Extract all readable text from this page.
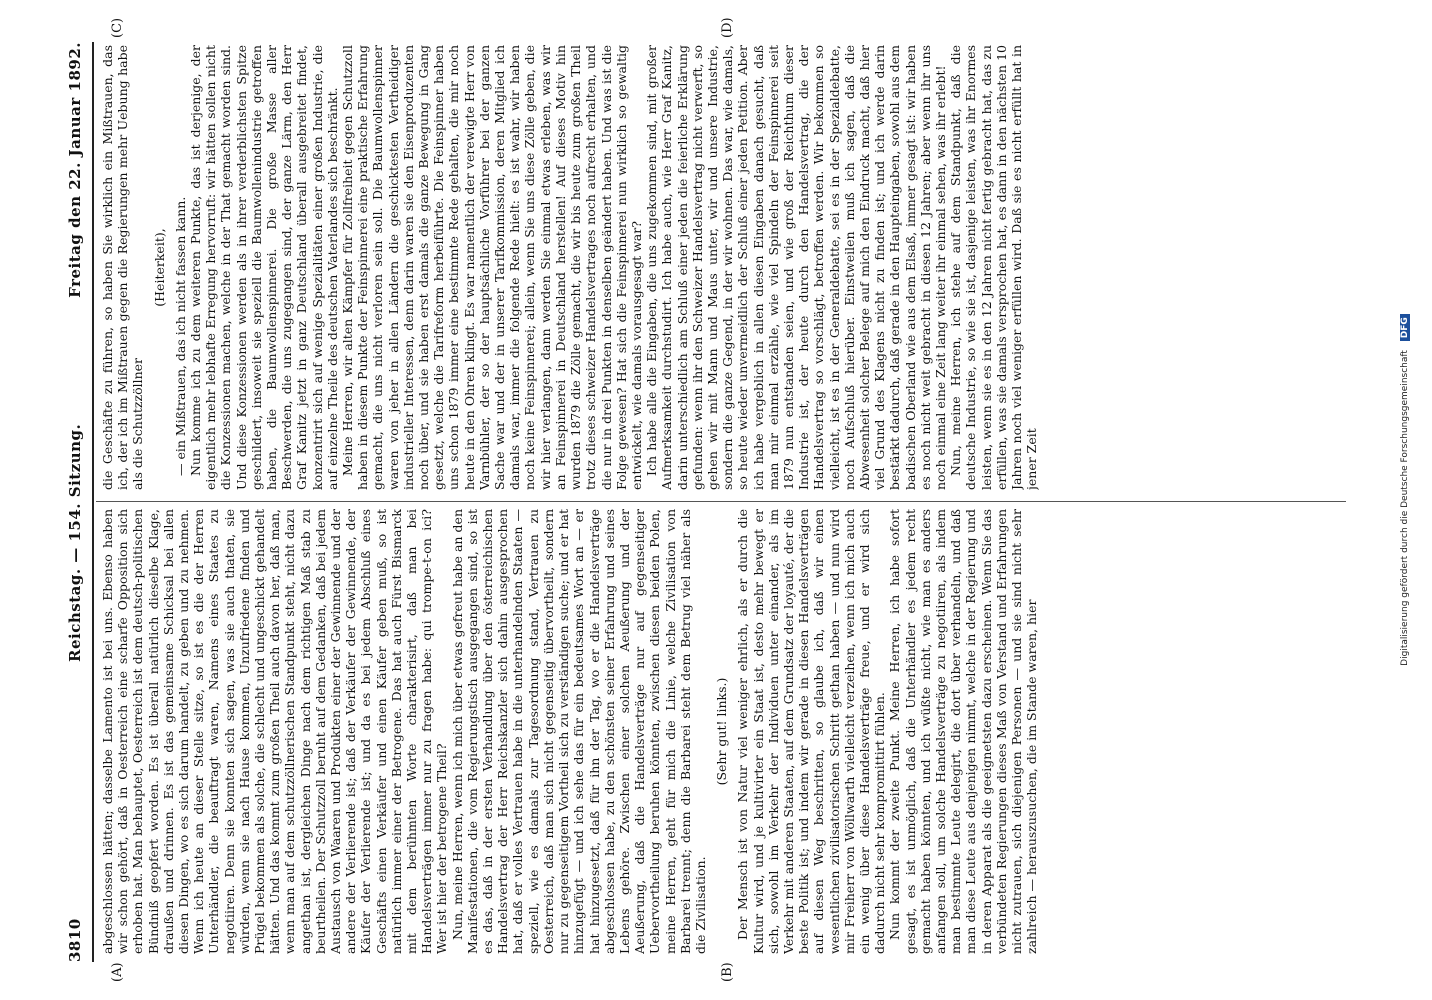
3810
Reichstag. — 154. Sitzung.
Freitag den 22. Januar 1892.
(A)	(B)
(C)	(D)

abgeschlossen hätten; dasselbe Lamento ist bei uns. Ebenso haben wir schon gehört, daß in Oesterreich eine scharfe Opposition sich erhoben hat. Man behauptet, Oesterreich ist dem deutsch-politischen Bündniß geopfert worden. Es ist überall natürlich dieselbe Klage, draußen und drinnen. Es ist das gemeinsame Schicksal bei allen diesen Dingen, wo es sich darum handelt, zu geben und zu nehmen. Wenn ich heute an dieser Stelle sitze, so ist es die der Herren Unterhändler, die beauftragt waren, Namens eines Staates zu negotiiren. Denn sie konnten sich sagen, was sie auch thaten, sie würden, wenn sie nach Hause kommen, Unzufriedene finden und Prügel bekommen als solche, die schlecht und ungeschickt gehandelt hätten. Und das kommt zum großen Theil auch davon her, daß man, wenn man auf dem schutzzöllnerischen Standpunkt steht, nicht dazu angethan ist, dergleichen Dinge nach dem richtigen Maß stab zu beurtheilen. Der Schutzzoll beruht auf dem Gedanken, daß bei jedem Austausch von Waaren und Produkten einer der Gewinnende und der andere der Verlierende ist; daß der Verkäufer der Gewinnende, der Käufer der Verlierende ist; und da es bei jedem Abschluß eines Geschäfts einen Verkäufer und einen Käufer geben muß, so ist natürlich immer einer der Betrogene. Das hat auch Fürst Bismarck mit dem berühmten Worte charakterisirt, daß man bei Handelsverträgen immer nur zu fragen habe: qui trompe-t-on ici? Wer ist hier der betrogene Theil? Nun, meine Herren, wenn ich mich über etwas gefreut habe an den Manifestationen, die vom Regierungstisch ausgegangen sind, so ist es das, daß in der ersten Verhandlung über den österreichischen Handelsvertrag der Herr Reichskanzler sich dahin ausgesprochen hat, daß er volles Vertrauen habe in die unterhandelnden Staaten — speziell, wie es damals zur Tagesordnung stand, Vertrauen zu Oesterreich, daß man sich nicht gegenseitig übervortheilt, sondern nur zu gegenseitigem Vortheil sich zu verständigen suche; und er hat hinzugefügt — und ich sehe das für ein bedeutsames Wort an — er hat hinzugesetzt, daß für ihn der Tag, wo er die Handelsverträge abgeschlossen habe, zu den schönsten seiner Erfahrung und seines Lebens gehöre. Zwischen einer solchen Aeußerung und der Aeußerung, daß die Handelsverträge nur auf gegenseitiger Uebervortheilung beruhen könnten, zwischen diesen beiden Polen, meine Herren, geht für mich die Linie, welche Zivilisation von Barbarei trennt; denn die Barbarei steht dem Betrug viel näher als die Zivilisation.

(Sehr gut! links.) Der Mensch ist von Natur viel weniger ehrlich, als er durch die Kultur wird, und je kultivirter ein Staat ist, desto mehr bewegt er sich, sowohl im Verkehr der Individuen unter einander, als im Verkehr mit anderen Staaten, auf dem Grundsatz der loyauté, der die beste Politik ist; und indem wir gerade in diesen Handelsverträgen auf diesen Weg beschritten, so glaube ich, daß wir einen wesentlichen zivilisatorischen Schritt gethan haben — und nun wird mir Freiherr von Wöllwarth vielleicht verzeihen, wenn ich mich auch ein wenig über diese Handelsverträge freue, und er wird sich dadurch nicht sehr kompromittirt fühlen. Nun kommt der zweite Punkt. Meine Herren, ich habe sofort gesagt, es ist unmöglich, daß die Unterhändler es jedem recht gemacht haben könnten, und ich wüßte nicht, wie man es anders anfangen soll, um solche Handelsverträge zu negotiiren, als indem man bestimmte Leute delegirt, die dort über verhandeln, und daß man diese Leute aus denjenigen nimmt, welche in der Regierung und in deren Apparat als die geeignetsten dazu erscheinen. Wenn Sie das verbündeten Regierungen dieses Maß von Verstand und Erfahrungen nicht zutrauen, sich diejenigen Personen — und sie sind nicht sehr zahlreich — herauszusuchen, die im Stande waren, hier

die Geschäfte zu führen, so haben Sie wirklich ein Mißtrauen, das ich, der ich im Mißtrauen gegen die Regierungen mehr Uebung habe als die Schutzzöllner

(Heiterkeit), — ein Mißtrauen, das ich nicht fassen kann. Nun komme ich zu dem weiteren Punkte, das ist derjenige, der eigentlich mehr lebhafte Erregung hervorruft: wir hätten sollen nicht die Konzessionen machen, welche in der That gemacht worden sind. Und diese Konzessionen werden als in ihrer verderblichsten Spitze geschildert, insoweit sie speziell die Baumwollenindustrie getroffen haben, die Baumwollenspinnerei. Die große Masse aller Beschwerden, die uns zugegangen sind, der ganze Lärm, den Herr Graf Kanitz jetzt in ganz Deutschland überall ausgebreitet findet, konzentrirt sich auf wenige Spezialitäten einer großen Industrie, die auf einzelne Theile des deutschen Vaterlandes sich beschränkt. Meine Herren, wir alten Kämpfer für Zollfreiheit gegen Schutzzoll haben in diesem Punkte der Feinspinnerei eine praktische Erfahrung gemacht, die uns nicht verloren sein soll. Die Baumwollenspinner waren von jeher in allen Ländern die geschicktesten Vertheidiger industrieller Interessen, denn darin waren sie den Eisenproduzenten noch über, und sie haben erst damals die ganze Bewegung in Gang gesetzt, welche die Tarifreform herbeiführte. Die Feinspinner haben uns schon 1879 immer eine bestimmte Rede gehalten, die mir noch heute in den Ohren klingt. Es war namentlich der verewigte Herr von Varnbühler, der so der hauptsächliche Vorführer bei der ganzen Sache war und der in unserer Tarifkommission, deren Mitglied ich damals war, immer die folgende Rede hielt: es ist wahr, wir haben noch keine Feinspinnerei; allein, wenn Sie uns diese Zölle geben, die wir hier verlangen, dann werden Sie einmal etwas erleben, was wir an Feinspinnerei in Deutschland herstellen! Auf dieses Motiv hin wurden 1879 die Zölle gemacht, die wir bis heute zum großen Theil trotz dieses schweizer Handelsvertrages noch aufrecht erhalten, und die nur in drei Punkten in denselben geändert haben. Und was ist die Folge gewesen? Hat sich die Feinspinnerei nun wirklich so gewaltig entwickelt, wie damals vorausgesagt war? Ich habe alle die Eingaben, die uns zugekommen sind, mit großer Aufmerksamkeit durchstudirt. Ich habe auch, wie Herr Graf Kanitz, darin unterschiedlich am Schluß einer jeden die feierliche Erklärung gefunden: wenn ihr den Schweizer Handelsvertrag nicht verwerft, so gehen wir mit Mann und Maus unter, wir und unsere Industrie, sondern die ganze Gegend, in der wir wohnen. Das war, wie damals, so heute wieder unvermeidlich der Schluß einer jeden Petition. Aber ich habe vergeblich in allen diesen Eingaben danach gesucht, daß man mir einmal erzähle, wie viel Spindeln der Feinspinnerei seit 1879 nun entstanden seien, und wie groß der Reichthum dieser Industrie ist, der heute durch den Handelsvertrag, die der Handelsvertrag so vorschlägt, betroffen werden. Wir bekommen so vielleicht, ist es in der Generaldebatte, sei es in der Spezialdebatte, noch Aufschluß hierüber. Einstweilen muß ich sagen, daß die Abwesenheit solcher Belege auf mich den Eindruck macht, daß hier viel Grund des Klagens nicht zu finden ist; und ich werde darin bestärkt dadurch, daß gerade in den Haupteingaben, sowohl aus dem badischen Oberland wie aus dem Elsaß, immer gesagt ist: wir haben es noch nicht weit gebracht in diesen 12 Jahren; aber wenn ihr uns noch einmal eine Zeit lang weiter ihr einmal sehen, was ihr erlebt! Nun, meine Herren, ich stehe auf dem Standpunkt, daß die deutsche Industrie, so wie sie ist, dasjenige leisten, was ihr Enormes leisten, wenn sie es in den 12 Jahren nicht fertig gebracht hat, das zu erfüllen, was sie damals versprochen hat, es dann in den nächsten 10 Jahren noch viel weniger erfüllen wird. Daß sie es nicht erfüllt hat in jener Zeit	Digitalisierung gefördert durch die Deutsche Forschungsgemeinschaft DFG
